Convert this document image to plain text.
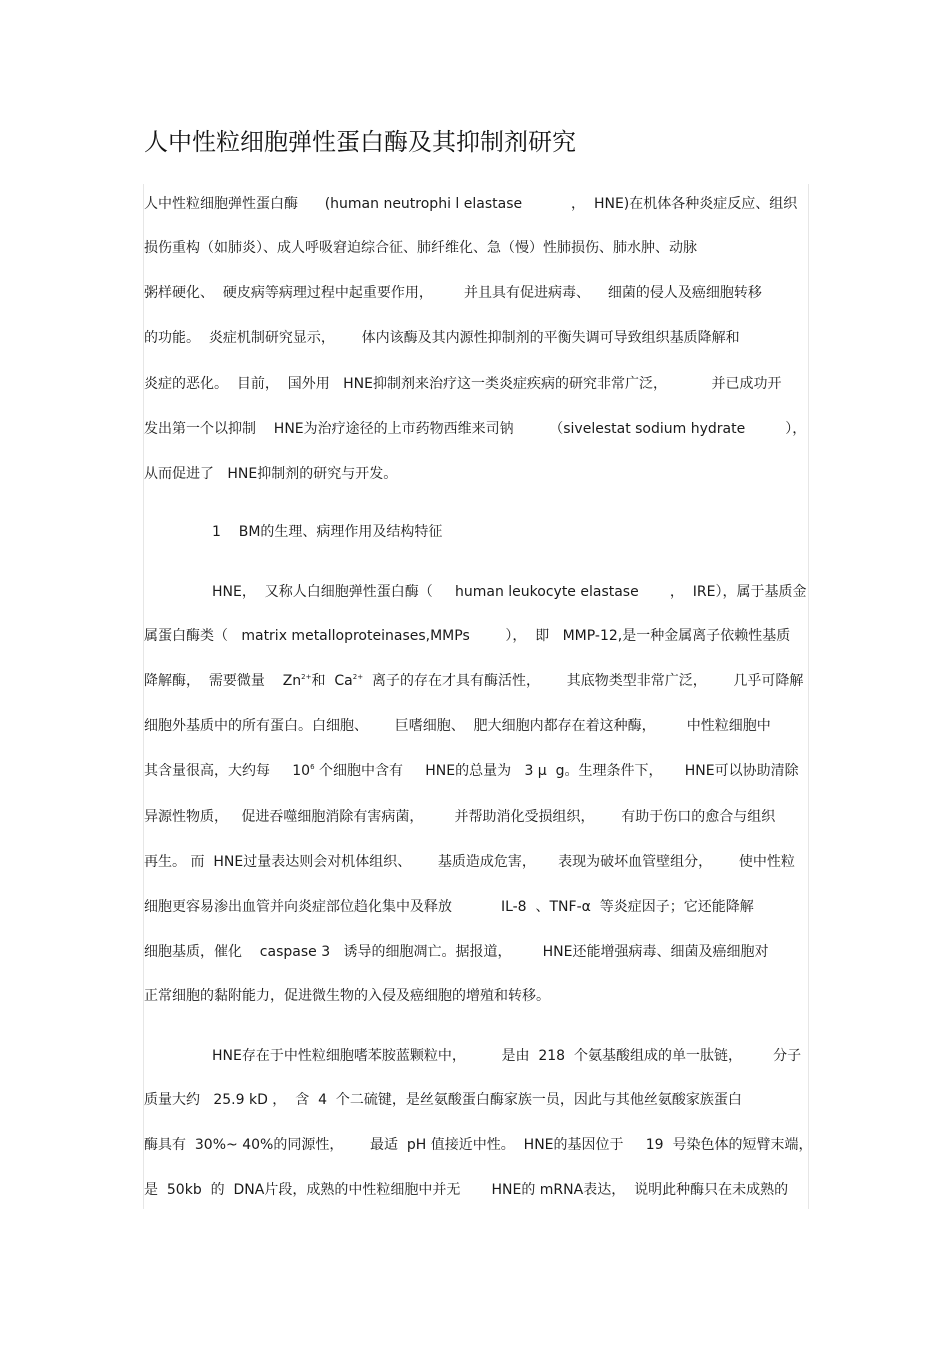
人中性粒细胞弹性蛋白酶及其抑制剂研究
人中性粒细胞弹性蛋白酶      (human neutrophi l elastase           ，  HNE)在机体各种炎症反应、组织
损伤重构（如肺炎）、成人呼吸窘迫综合征、肺纤维化、急（慢）性肺损伤、肺水肿、动脉
粥样硬化、  硬皮病等病理过程中起重要作用，       并且具有促进病毒、    细菌的侵人及癌细胞转移
的功能。  炎症机制研究显示，      体内该酶及其内源性抑制剂的平衡失调可导致组织基质降解和
炎症的恶化。  目前，  国外用   HNE抑制剂来治疗这一类炎症疾病的研究非常广泛，          并已成功开
发出第一个以抑制    HNE为治疗途径的上市药物西维来司钠        （sivelestat sodium hydrate         ），
从而促进了   HNE抑制剂的研究与开发。
1    BM的生理、病理作用及结构特征
HNE，  又称人白细胞弹性蛋白酶（     human leukocyte elastase       ，  IRE），属于基质金
属蛋白酶类（   matrix metalloproteinases,MMPs        ），  即   MMP-12,是一种金属离子依赖性基质
降解酶，  需要微量    $Zn^{2+}$和  $Ca^{2+}$  离子的存在才具有酶活性，      其底物类型非常广泛，      几乎可降解
细胞外基质中的所有蛋白。白细胞、      巨嗜细胞、  肥大细胞内都存在着这种酶，       中性粒细胞中
其含量很高，大约每     $10^6$ 个细胞中含有     HNE的总量为   3 μ  g。生理条件下，     HNE可以协助清除
异源性物质，   促进吞噬细胞消除有害病菌，       并帮助消化受损组织，      有助于伤口的愈合与组织
再生。 而  HNE过量表达则会对机体组织、      基质造成危害，     表现为破坏血管壁组分，      使中性粒
细胞更容易渗出血管并向炎症部位趋化集中及释放           IL-8  、TNF-α  等炎症因子；它还能降解
细胞基质，催化    caspase 3   诱导的细胞凋亡。据报道，       HNE还能增强病毒、细菌及癌细胞对
正常细胞的黏附能力，促进微生物的入侵及癌细胞的增殖和转移。
HNE存在于中性粒细胞嗜苯胺蓝颗粒中，        是由  218  个氨基酸组成的单一肽链，       分子
质量大约   25.9 kD ，  含  4  个二硫键，是丝氨酸蛋白酶家族一员，因此与其他丝氨酸家族蛋白
酶具有  30%~ 40%的同源性，      最适  pH 值接近中性。  HNE的基因位于     19  号染色体的短臂末端，
是  50kb  的  DNA片段，成熟的中性粒细胞中并无       HNE的 mRNA表达，  说明此种酶只在未成熟的
